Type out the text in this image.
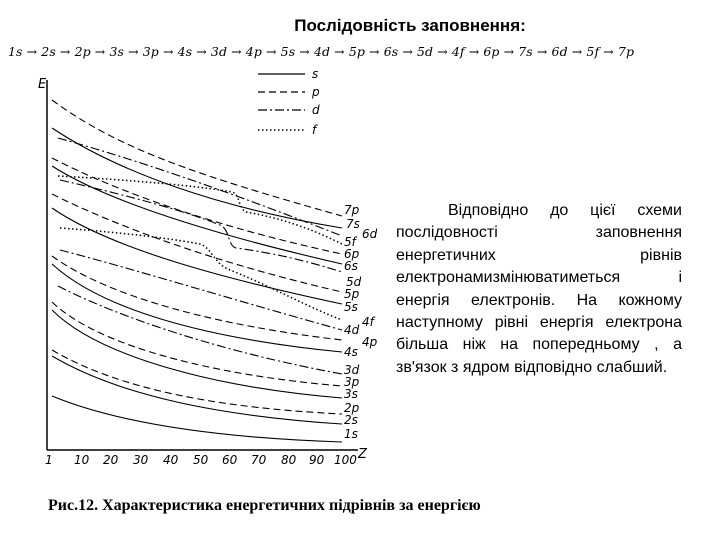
Послідовність заповнення:
1s → 2s → 2p → 3s → 3p → 4s → 3d → 4p → 5s → 4d → 5p → 6s → 5d → 4f → 6p → 7s → 6d → 5f → 7p
E
Z
1 10 20 30 40 50 60 70 80 90 100
s
p
d
f
7p
7s
6d
5f
6p
6s
5d
5p
5s
4f
4d
4p
4s
3d
3p
3s
2p
2s
1s
Відповідно до цієї схеми послідовності заповнення енергетичних рівнів електронамизмінюватиметься і енергія електронів. На кожному наступному рівні енергія електрона більша ніж на попередньому , а зв'язок з ядром відповідно слабший.
Рис.12. Характеристика енергетичних підрівнів за енергією
